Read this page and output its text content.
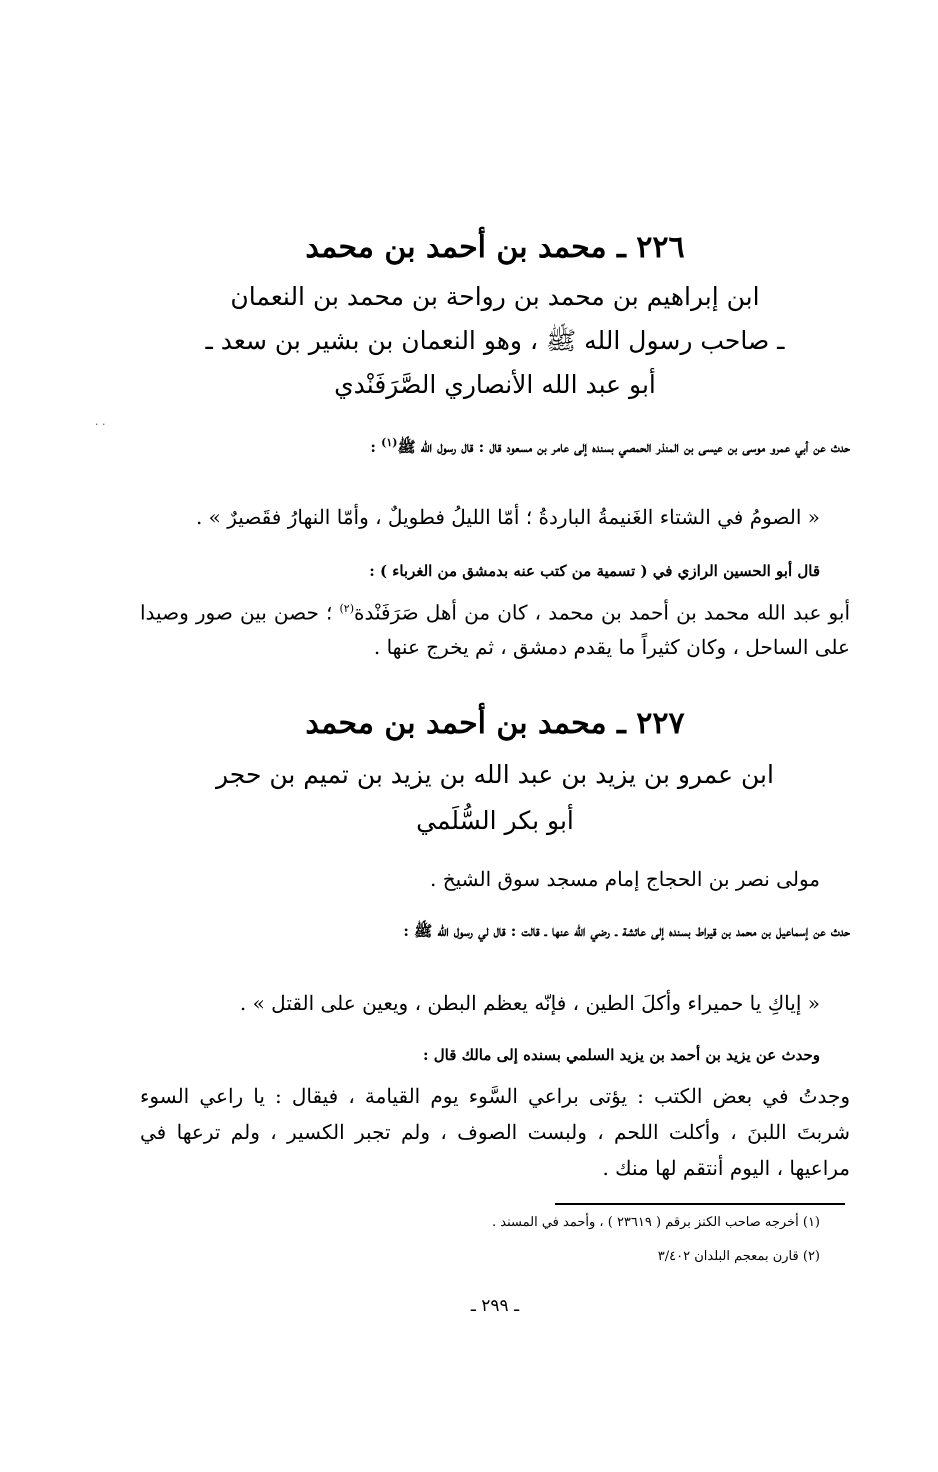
٢٢٦ ـ محمد بن أحمد بن محمد
ابن إبراهيم بن محمد بن رواحة بن محمد بن النعمان
ـ صاحب رسول الله ﷺ ، وهو النعمان بن بشير بن سعد ـ
أبو عبد الله الأنصاري الصَّرَفَنْدي
· ·
حدث عن أبي عمرو موسى بن عيسى بن المنذر الحمصي بسنده إلى عامر بن مسعود قال : قال رسول الله ﷺ$^{(١)}$ :
« الصومُ في الشتاء الغَنيمةُ الباردةُ ؛ أمّا الليلُ فطويلٌ ، وأمّا النهارُ فقَصيرٌ » .
قال أبو الحسين الرازي في ( تسمية من كتب عنه بدمشق من الغرباء ) :
أبو عبد الله محمد بن أحمد بن محمد ، كان من أهل صَرَفَنْدة$^{(٢)}$ ؛ حصن بين صور وصيدا على الساحل ، وكان كثيراً ما يقدم دمشق ، ثم يخرج عنها .
٢٢٧ ـ محمد بن أحمد بن محمد
ابن عمرو بن يزيد بن عبد الله بن يزيد بن تميم بن حجر
أبو بكر السُّلَمي
مولى نصر بن الحجاج إمام مسجد سوق الشيخ .
حدث عن إسماعيل بن محمد بن قيراط بسنده إلى عائشة ـ رضي الله عنها ـ قالت : قال لي رسول الله ﷺ :
« إياكِ يا حميراء وأكلَ الطين ، فإنّه يعظم البطن ، ويعين على القتل » .
وحدث عن يزيد بن أحمد بن يزيد السلمي بسنده إلى مالك قال :
وجدتُ في بعض الكتب : يؤتى براعي السَّوء يوم القيامة ، فيقال : يا راعي السوء شربتَ اللبنَ ، وأكلت اللحم ، ولبست الصوف ، ولم تجبر الكسير ، ولم ترعها في مراعيها ، اليوم أنتقم لها منك .
(١) أخرجه صاحب الكنز برقم ( ٢٣٦١٩ ) ، وأحمد في المسند .
(٢) قارن بمعجم البلدان ٣/٤٠٢
ـ ٢٩٩ ـ
